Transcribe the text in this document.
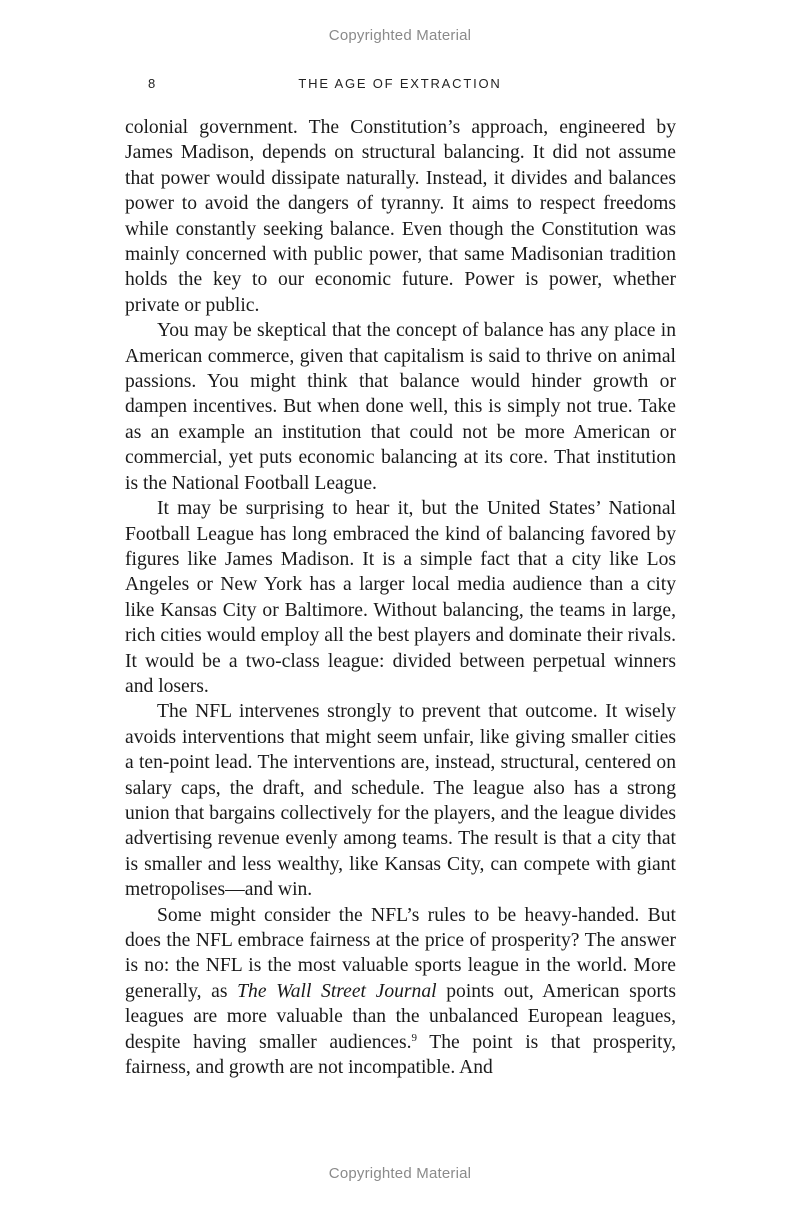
Copyrighted Material
8	THE AGE OF EXTRACTION

colonial government. The Constitution’s approach, engineered by James Madison, depends on structural balancing. It did not assume that power would dissipate naturally. Instead, it divides and balances power to avoid the dangers of tyranny. It aims to respect freedoms while constantly seeking balance. Even though the Constitution was mainly concerned with public power, that same Madisonian tradition holds the key to our economic future. Power is power, whether private or public.

You may be skeptical that the concept of balance has any place in American commerce, given that capitalism is said to thrive on animal passions. You might think that balance would hinder growth or dampen incentives. But when done well, this is simply not true. Take as an example an institution that could not be more American or commercial, yet puts economic balancing at its core. That institution is the National Football League.

It may be surprising to hear it, but the United States’ National Football League has long embraced the kind of balancing favored by figures like James Madison. It is a simple fact that a city like Los Angeles or New York has a larger local media audience than a city like Kansas City or Baltimore. Without balancing, the teams in large, rich cities would employ all the best players and dominate their rivals. It would be a two-class league: divided between perpetual winners and losers.

The NFL intervenes strongly to prevent that outcome. It wisely avoids interventions that might seem unfair, like giving smaller cities a ten-point lead. The interventions are, instead, structural, centered on salary caps, the draft, and schedule. The league also has a strong union that bargains collectively for the players, and the league divides advertising revenue evenly among teams. The result is that a city that is smaller and less wealthy, like Kansas City, can compete with giant metropolises—and win.

Some might consider the NFL’s rules to be heavy-handed. But does the NFL embrace fairness at the price of prosperity? The answer is no: the NFL is the most valuable sports league in the world. More generally, as The Wall Street Journal points out, American sports leagues are more valuable than the unbalanced European leagues, despite having smaller audiences.$^9$ The point is that prosperity, fairness, and growth are not incompatible. And

Copyrighted Material
